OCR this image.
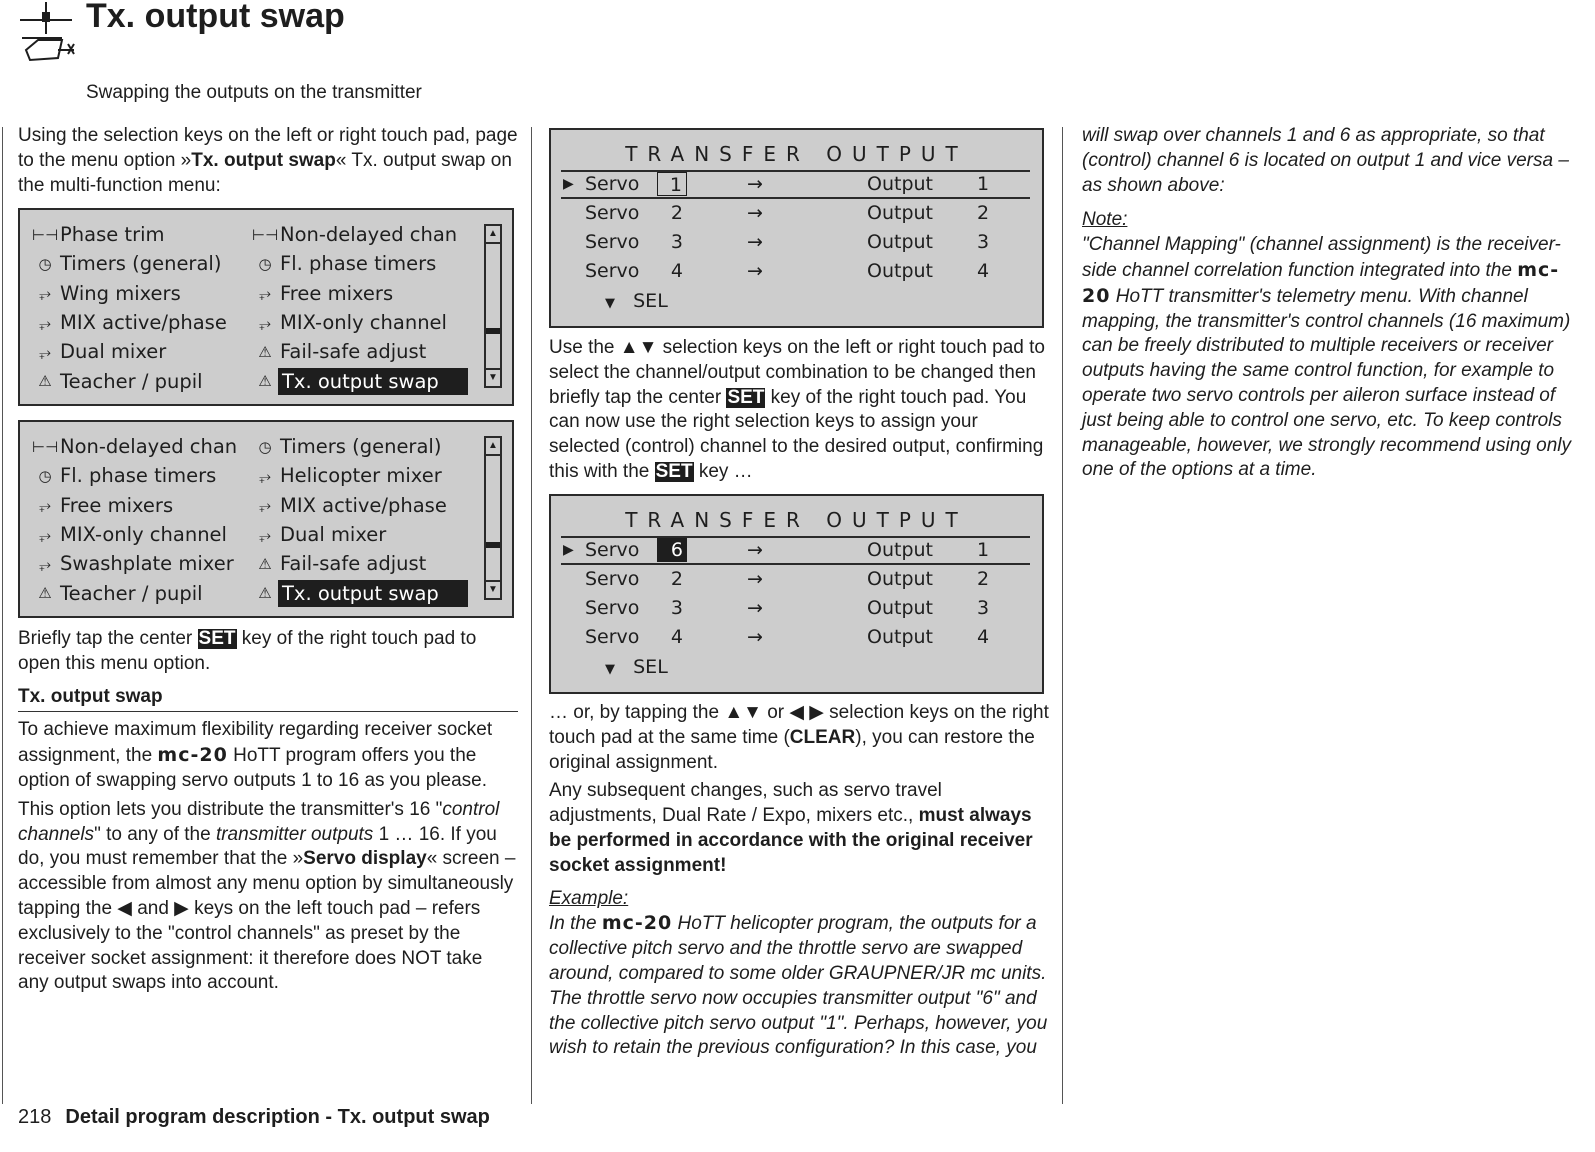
Tx. output swap
Swapping the outputs on the transmitter

Using the selection keys on the left or right touch pad, page to the menu option »Tx. output swap« Tx. output swap on the multi-function menu:

⊢⊣ Phase trim	⊢⊣ Non-delayed chan
◷ Timers (general)	◷ Fl. phase timers
⥅ Wing mixers	⥅ Free mixers
⥅ MIX active/phase	⥅ MIX-only channel
⥅ Dual mixer	⚠ Fail-safe adjust
⚠ Teacher / pupil	⚠ Tx. output swap
▲
▼
⊢⊣ Non-delayed chan	◷ Timers (general)
◷ Fl. phase timers	⥅ Helicopter mixer
⥅ Free mixers	⥅ MIX active/phase
⥅ MIX-only channel	⥅ Dual mixer
⥅ Swashplate mixer	⚠ Fail-safe adjust
⚠ Teacher / pupil	⚠ Tx. output swap
▲
▼

Briefly tap the center SET key of the right touch pad to open this menu option.

Tx. output swap

To achieve maximum flexibility regarding receiver socket assignment, the mc-20 HoTT program offers you the option of swapping servo outputs 1 to 16 as you please.

This option lets you distribute the transmitter's 16 "control channels" to any of the transmitter outputs 1 … 16. If you do, you must remember that the »Servo display« screen – accessible from almost any menu option by simultaneously tapping the ◀ and ▶ keys on the left touch pad – refers exclusively to the "control channels" as preset by the receiver socket assignment: it therefore does NOT take any output swaps into account.

TRANSFER OUTPUT
▶ Servo	1	→	Output 1
Servo	2	→	Output 2
Servo	3	→	Output 3
Servo	4	→	Output 4
▼ SEL

Use the ▲▼ selection keys on the left or right touch pad to select the channel/output combination to be changed then briefly tap the center SET key of the right touch pad. You can now use the right selection keys to assign your selected (control) channel to the desired output, confirming this with the SET key …

TRANSFER OUTPUT
▶ Servo	6	→	Output 1
Servo	2	→	Output 2
Servo	3	→	Output 3
Servo	4	→	Output 4
▼ SEL

… or, by tapping the ▲▼ or ◀ ▶ selection keys on the right touch pad at the same time (CLEAR), you can restore the original assignment.

Any subsequent changes, such as servo travel adjustments, Dual Rate / Expo, mixers etc., must always be performed in accordance with the original receiver socket assignment!

Example:

In the mc-20 HoTT helicopter program, the outputs for a collective pitch servo and the throttle servo are swapped around, compared to some older GRAUPNER/JR mc units. The throttle servo now occupies transmitter output "6" and the collective pitch servo output "1". Perhaps, however, you wish to retain the previous configuration? In this case, you

will swap over channels 1 and 6 as appropriate, so that (control) channel 6 is located on output 1 and vice versa – as shown above:

Note:

"Channel Mapping" (channel assignment) is the receiver-side channel correlation function integrated into the mc-20 HoTT transmitter's telemetry menu. With channel mapping, the transmitter's control channels (16 maximum) can be freely distributed to multiple receivers or receiver outputs having the same control function, for example to operate two servo controls per aileron surface instead of just being able to control one servo, etc. To keep controls manageable, however, we strongly recommend using only one of the options at a time.

218 Detail program description - Tx. output swap
